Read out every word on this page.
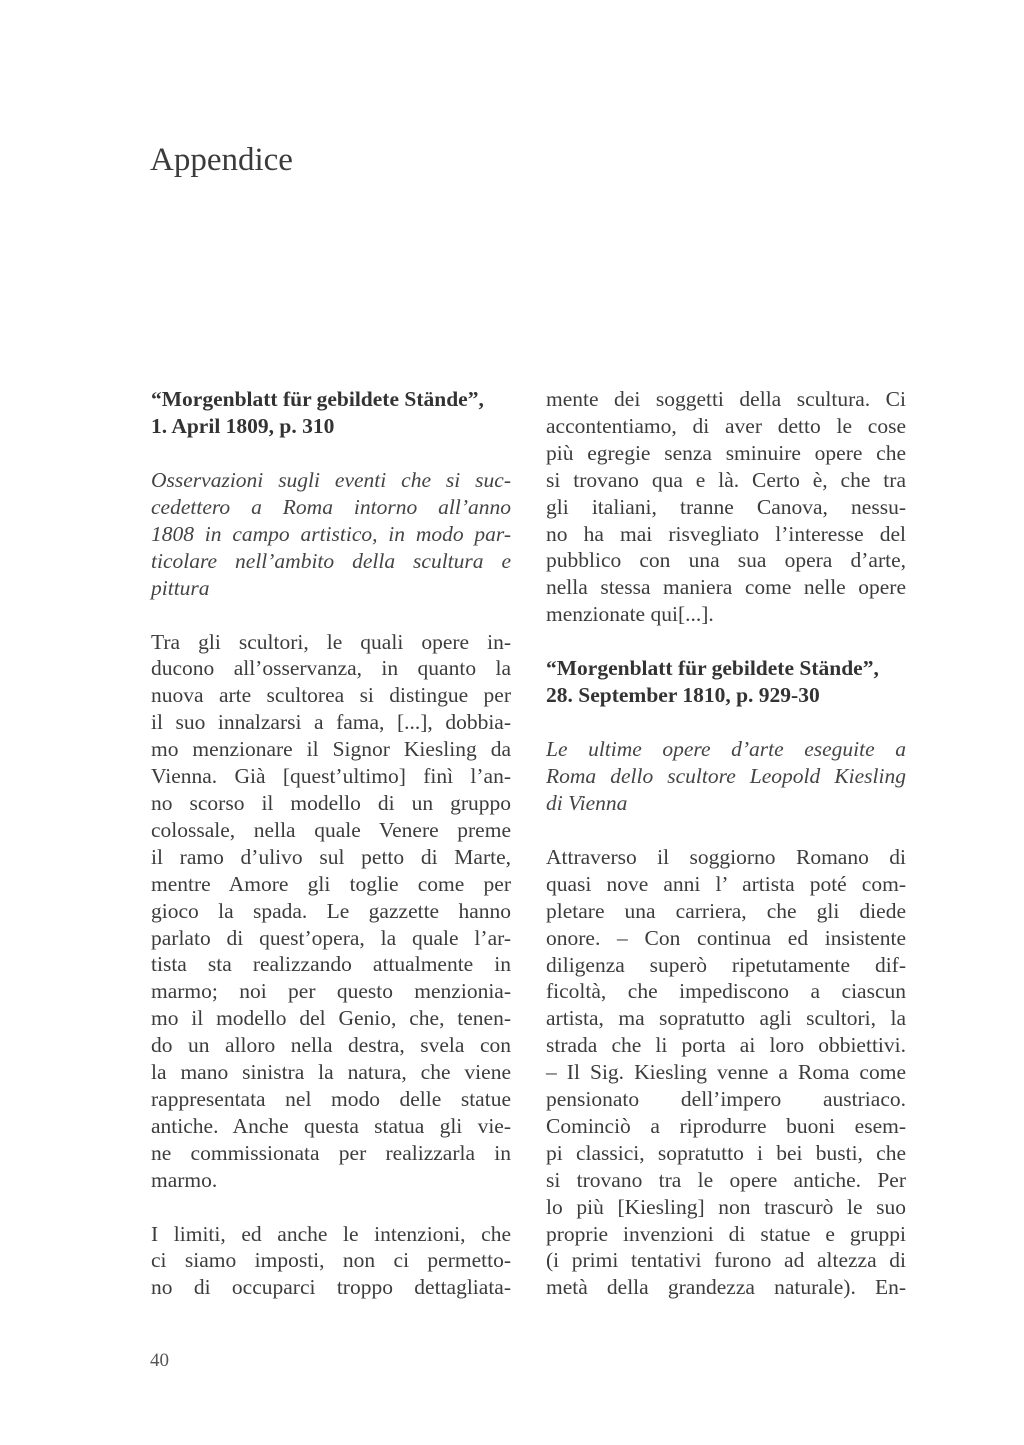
Appendice
“Morgenblatt für gebildete Stände”,
1. April 1809, p. 310
Osservazioni sugli eventi che si suc-
cedettero a Roma intorno all’anno
1808 in campo artistico, in modo par-
ticolare nell’ambito della scultura e
pittura
Tra gli scultori, le quali opere in-
ducono all’osservanza, in quanto la
nuova arte scultorea si distingue per
il suo innalzarsi a fama, [...], dobbia-
mo menzionare il Signor Kiesling da
Vienna. Già [quest’ultimo] finì l’an-
no scorso il modello di un gruppo
colossale, nella quale Venere preme
il ramo d’ulivo sul petto di Marte,
mentre Amore gli toglie come per
gioco la spada. Le gazzette hanno
parlato di quest’opera, la quale l’ar-
tista sta realizzando attualmente in
marmo; noi per questo menzionia-
mo il modello del Genio, che, tenen-
do un alloro nella destra, svela con
la mano sinistra la natura, che viene
rappresentata nel modo delle statue
antiche. Anche questa statua gli vie-
ne commissionata per realizzarla in
marmo.
I limiti, ed anche le intenzioni, che
ci siamo imposti, non ci permetto-
no di occuparci troppo dettagliata-
mente dei soggetti della scultura. Ci
accontentiamo, di aver detto le cose
più egregie senza sminuire opere che
si trovano qua e là. Certo è, che tra
gli italiani, tranne Canova, nessu-
no ha mai risvegliato l’interesse del
pubblico con una sua opera d’arte,
nella stessa maniera come nelle opere
menzionate qui[...].
“Morgenblatt für gebildete Stände”,
28. September 1810, p. 929-30
Le ultime opere d’arte eseguite a
Roma dello scultore Leopold Kiesling
di Vienna
Attraverso il soggiorno Romano di
quasi nove anni l’ artista poté com-
pletare una carriera, che gli diede
onore. – Con continua ed insistente
diligenza superò ripetutamente dif-
ficoltà, che impediscono a ciascun
artista, ma sopratutto agli scultori, la
strada che li porta ai loro obbiettivi.
– Il Sig. Kiesling venne a Roma come
pensionato dell’impero austriaco.
Cominciò a riprodurre buoni esem-
pi classici, sopratutto i bei busti, che
si trovano tra le opere antiche. Per
lo più [Kiesling] non trascurò le suo
proprie invenzioni di statue e gruppi
(i primi tentativi furono ad altezza di
metà della grandezza naturale). En-
40
